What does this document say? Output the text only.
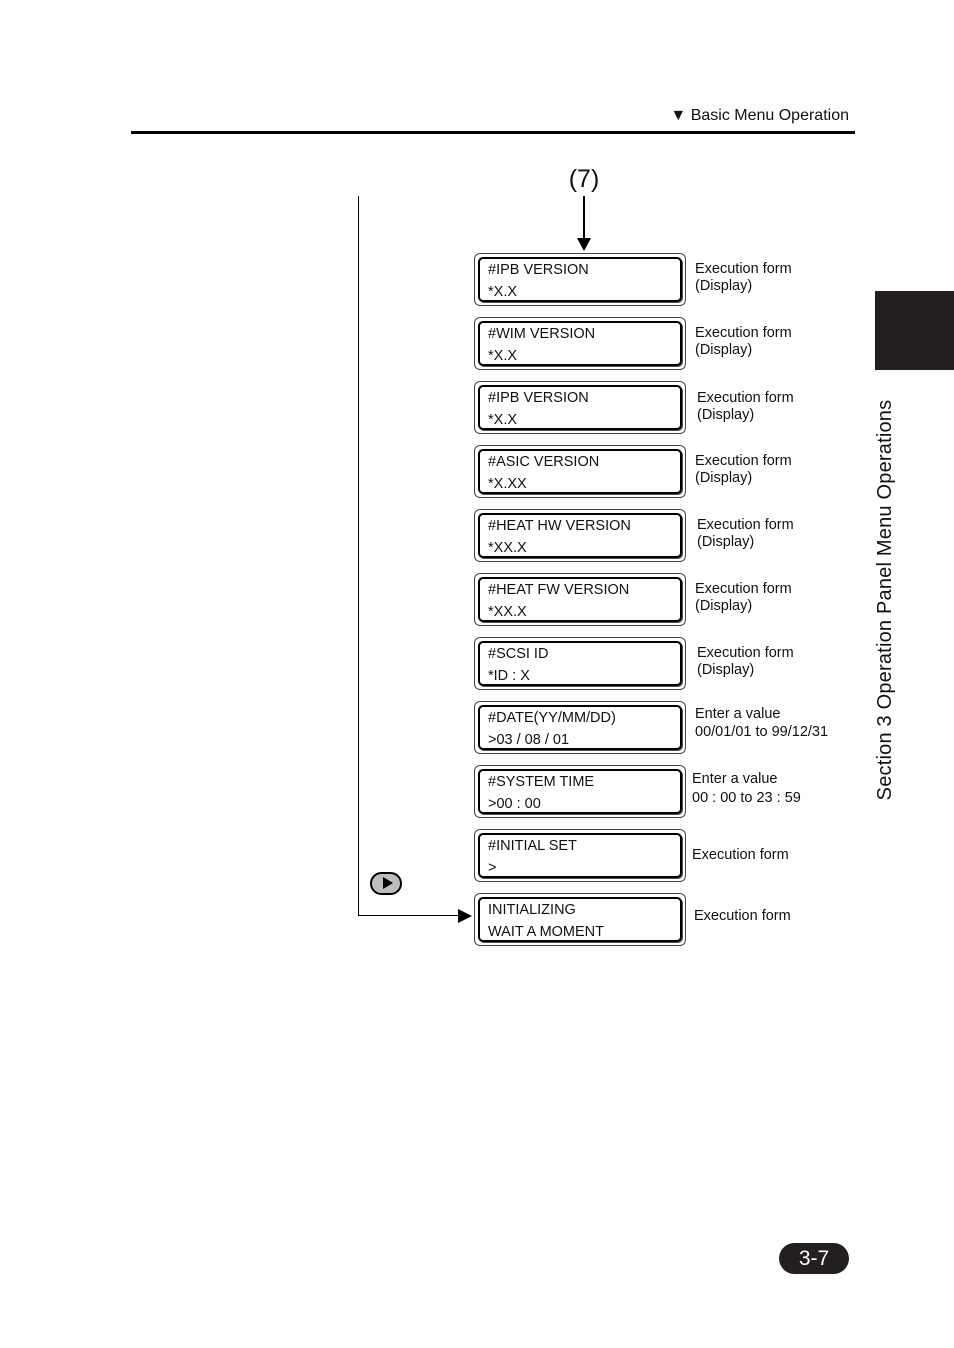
▼ Basic Menu Operation
Section 3 Operation Panel Menu Operations
(7)
#IPB VERSION
*X.X
Execution form
(Display)
#WIM VERSION
*X.X
Execution form
(Display)
#IPB VERSION
*X.X
Execution form
(Display)
#ASIC VERSION
*X.XX
Execution form
(Display)
#HEAT HW VERSION
*XX.X
Execution form
(Display)
#HEAT FW VERSION
*XX.X
Execution form
(Display)
#SCSI ID
*ID : X
Execution form
(Display)
#DATE(YY/MM/DD)
>03 / 08 / 01
Enter a value
00/01/01 to 99/12/31
#SYSTEM TIME
>00 : 00
Enter a value
00 : 00 to 23 : 59
#INITIAL SET
>
Execution form
INITIALIZING
WAIT A MOMENT
Execution form
3-7
